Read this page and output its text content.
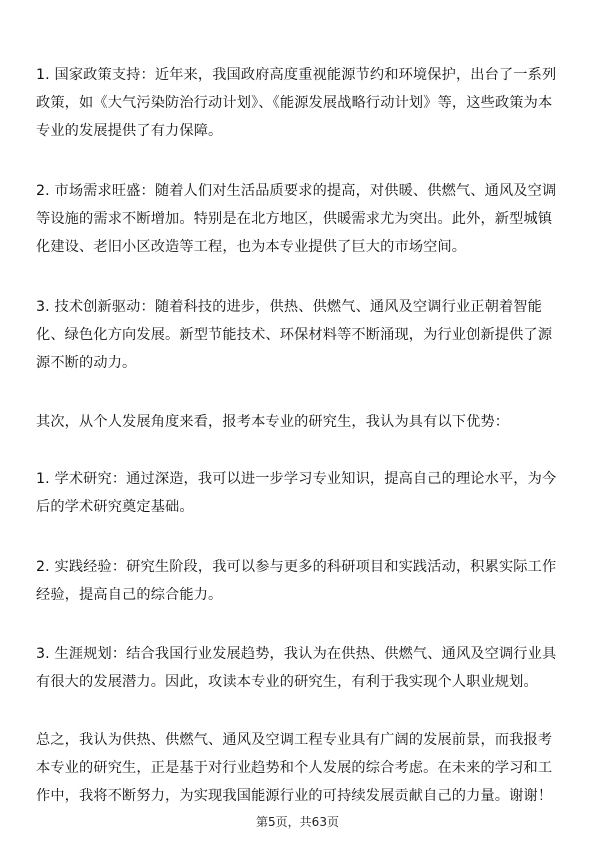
1. 国家政策支持：近年来，我国政府高度重视能源节约和环境保护，出台了一系列政策，如《大气污染防治行动计划》、《能源发展战略行动计划》等，这些政策为本专业的发展提供了有力保障。

2. 市场需求旺盛：随着人们对生活品质要求的提高，对供暖、供燃气、通风及空调等设施的需求不断增加。特别是在北方地区，供暖需求尤为突出。此外，新型城镇化建设、老旧小区改造等工程，也为本专业提供了巨大的市场空间。

3. 技术创新驱动：随着科技的进步，供热、供燃气、通风及空调行业正朝着智能化、绿色化方向发展。新型节能技术、环保材料等不断涌现，为行业创新提供了源源不断的动力。

其次，从个人发展角度来看，报考本专业的研究生，我认为具有以下优势：

1. 学术研究：通过深造，我可以进一步学习专业知识，提高自己的理论水平，为今后的学术研究奠定基础。

2. 实践经验：研究生阶段，我可以参与更多的科研项目和实践活动，积累实际工作经验，提高自己的综合能力。

3. 生涯规划：结合我国行业发展趋势，我认为在供热、供燃气、通风及空调行业具有很大的发展潜力。因此，攻读本专业的研究生，有利于我实现个人职业规划。

总之，我认为供热、供燃气、通风及空调工程专业具有广阔的发展前景，而我报考本专业的研究生，正是基于对行业趋势和个人发展的综合考虑。在未来的学习和工作中，我将不断努力，为实现我国能源行业的可持续发展贡献自己的力量。谢谢！

第5页，共63页
